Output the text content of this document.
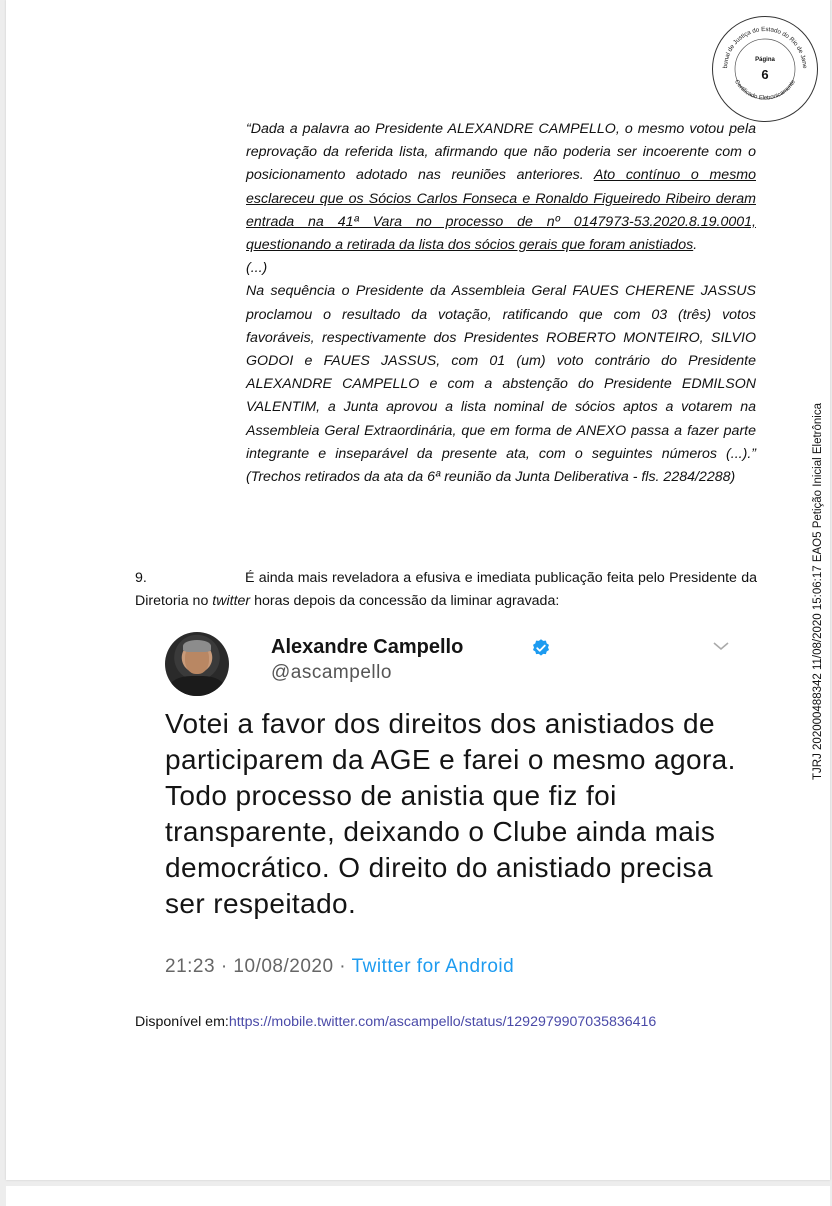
bunal de Justiça do Estado do Rio de Jane
Certificado Eletronicamente
Página
6
TJRJ 202000488342 11/08/2020 15:06:17 EAO5 Petição Inicial Eletrônica

“Dada a palavra ao Presidente ALEXANDRE CAMPELLO, o mesmo votou pela reprovação da referida lista, afirmando que não poderia ser incoerente com o posicionamento adotado nas reuniões anteriores. Ato contínuo o mesmo esclareceu que os Sócios Carlos Fonseca e Ronaldo Figueiredo Ribeiro deram entrada na 41ª Vara no processo de nº 0147973-53.2020.8.19.0001, questionando a retirada da lista dos sócios gerais que foram anistiados.

(...)

Na sequência o Presidente da Assembleia Geral FAUES CHERENE JASSUS proclamou o resultado da votação, ratificando que com 03 (três) votos favoráveis, respectivamente dos Presidentes ROBERTO MONTEIRO, SILVIO GODOI e FAUES JASSUS, com 01 (um) voto contrário do Presidente ALEXANDRE CAMPELLO e com a abstenção do Presidente EDMILSON VALENTIM, a Junta aprovou a lista nominal de sócios aptos a votarem na Assembleia Geral Extraordinária, que em forma de ANEXO passa a fazer parte integrante e inseparável da presente ata, com o seguintes números (...).” (Trechos retirados da ata da 6ª reunião da Junta Deliberativa - fls. 2284/2288)

9.	É ainda mais reveladora a efusiva e imediata publicação feita pelo Presidente da Diretoria no twitter horas depois da concessão da liminar agravada:
Alexandre Campello
@ascampello
Votei a favor dos direitos dos anistiados de participarem da AGE e farei o mesmo agora. Todo processo de anistia que fiz foi transparente, deixando o Clube ainda mais democrático. O direito do anistiado precisa ser respeitado.
21:23 · 10/08/2020 · Twitter for Android
Disponível em:https://mobile.twitter.com/ascampello/status/1292979907035836416
